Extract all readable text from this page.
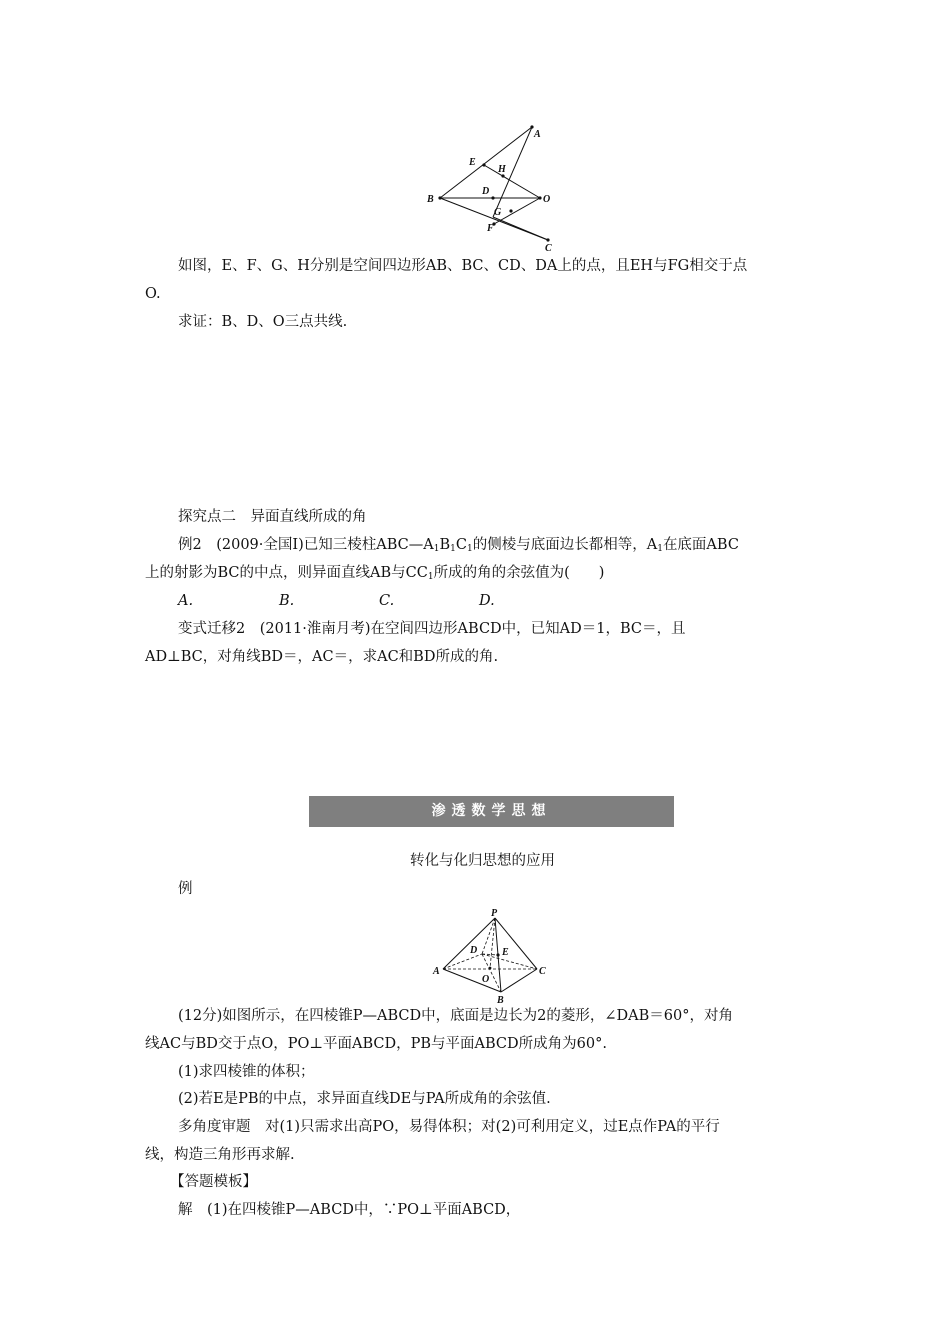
A
E
H
D
B	O
G
F
C
如图，E、F、G、H分别是空间四边形AB、BC、CD、DA上的点，且EH与FG相交于点
O.
求证：B、D、O三点共线.
探究点二　异面直线所成的角
例2　(2009·全国Ⅰ)已知三棱柱$ABC—A_1B_1C_1$的侧棱与底面边长都相等，$A_1$在底面ABC
上的射影为BC的中点，则异面直线AB与$CC_1$所成的角的余弦值为(　　)
A.	B.	C.	D.
变式迁移2　(2011·淮南月考)在空间四边形ABCD中，已知AD＝1，BC＝，且
AD⊥BC，对角线BD＝，AC＝，求AC和BD所成的角.
渗透数学思想
转化与化归思想的应用
例
P
D E
A
O
C
B
(12分)如图所示，在四棱锥P—ABCD中，底面是边长为2的菱形，∠DAB＝60°，对角
线AC与BD交于点O，PO⊥平面ABCD，PB与平面ABCD所成角为60°.
(1)求四棱锥的体积；
(2)若E是PB的中点，求异面直线DE与PA所成角的余弦值.
多角度审题　对(1)只需求出高PO，易得体积；对(2)可利用定义，过E点作PA的平行
线，构造三角形再求解.
【答题模板】
解　(1)在四棱锥P—ABCD中，∵PO⊥平面ABCD，
